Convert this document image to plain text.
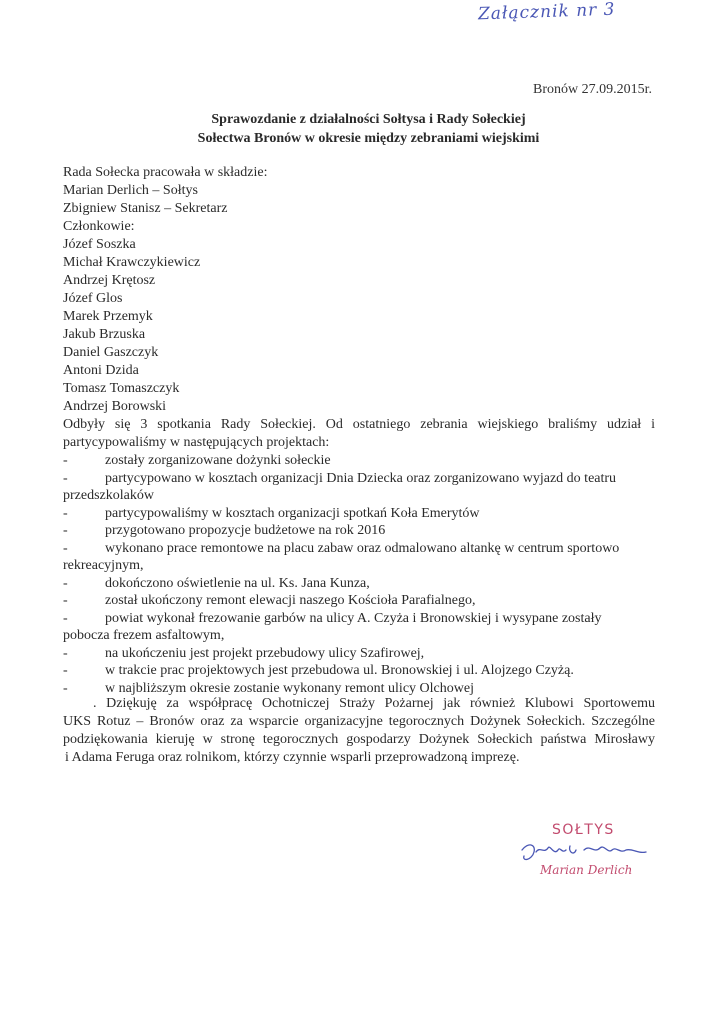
Załącznik nr 3
Bronów 27.09.2015r.
Sprawozdanie z działalności Sołtysa i Rady Sołeckiej
Sołectwa Bronów w okresie między zebraniami wiejskimi
Rada Sołecka pracowała w składzie:
Marian Derlich – Sołtys
Zbigniew Stanisz – Sekretarz
Członkowie:
Józef Soszka
Michał Krawczykiewicz
Andrzej Krętosz
Józef Glos
Marek Przemyk
Jakub Brzuska
Daniel Gaszczyk
Antoni Dzida
Tomasz Tomaszczyk
Andrzej Borowski
Odbyły się 3 spotkania Rady Sołeckiej. Od ostatniego zebrania wiejskiego braliśmy udział i
partycypowaliśmy w następujących projektach:
-	zostały zorganizowane dożynki sołeckie
-	partycypowano w kosztach organizacji Dnia Dziecka oraz zorganizowano wyjazd do teatru
przedszkolaków
-	partycypowaliśmy w kosztach organizacji spotkań Koła Emerytów
-	przygotowano propozycje budżetowe na rok 2016
-	wykonano prace remontowe na placu zabaw oraz odmalowano altankę w centrum sportowo
rekreacyjnym,
-	dokończono oświetlenie na ul. Ks. Jana Kunza,
-	został ukończony remont elewacji naszego Kościoła Parafialnego,
-	powiat wykonał frezowanie garbów na ulicy A. Czyża i Bronowskiej i wysypane zostały
pobocza frezem asfaltowym,
-	na ukończeniu jest projekt przebudowy ulicy Szafirowej,
-	w trakcie prac projektowych jest przebudowa ul. Bronowskiej i ul. Alojzego Czyżą.
-	w najbliższym okresie zostanie wykonany remont ulicy Olchowej
. Dziękuję za współpracę Ochotniczej Straży Pożarnej jak również Klubowi Sportowemu
UKS Rotuz – Bronów oraz za wsparcie organizacyjne tegorocznych Dożynek Sołeckich. Szczególne
podziękowania kieruję w stronę tegorocznych gospodarzy Dożynek Sołeckich państwa Mirosławy
i Adama Feruga oraz rolnikom, którzy czynnie wsparli przeprowadzoną imprezę.
SOŁTYS
Marian Derlich
